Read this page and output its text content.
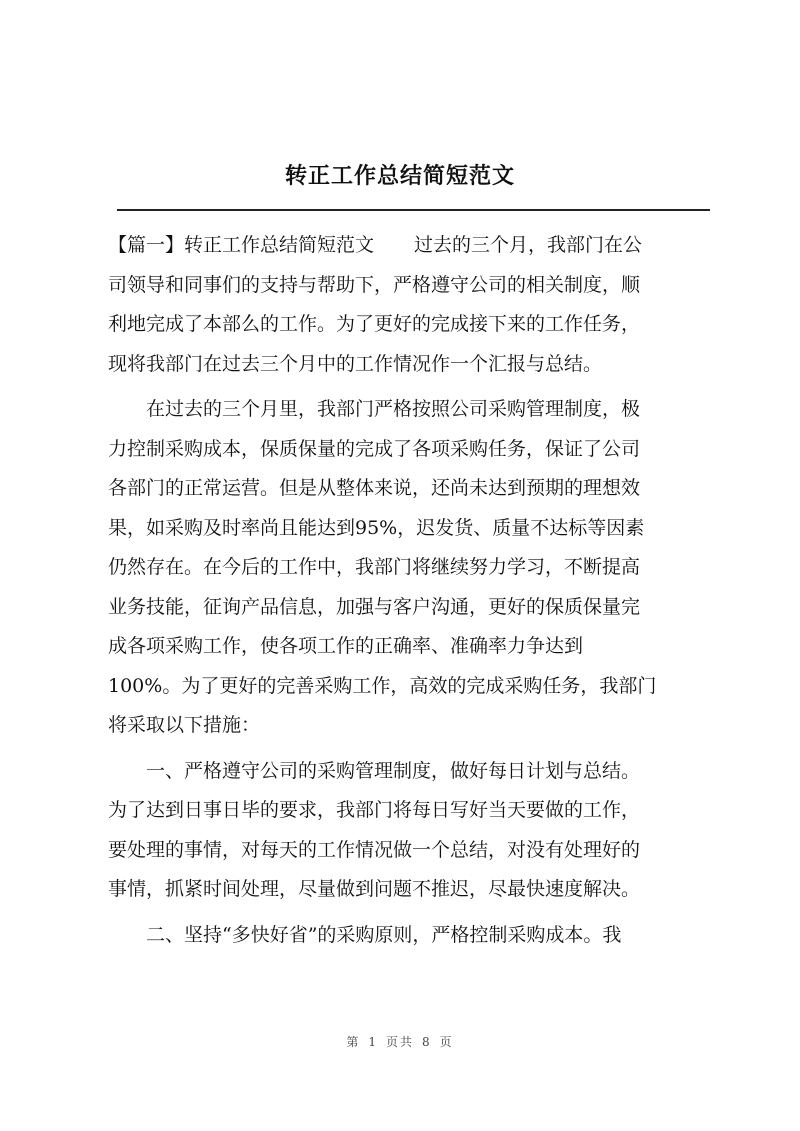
转正工作总结简短范文

【篇一】转正工作总结简短范文 过去的三个月，我部门在公
司领导和同事们的支持与帮助下，严格遵守公司的相关制度，顺
利地完成了本部么的工作。为了更好的完成接下来的工作任务，
现将我部门在过去三个月中的工作情况作一个汇报与总结。

在过去的三个月里，我部门严格按照公司采购管理制度，极
力控制采购成本，保质保量的完成了各项采购任务，保证了公司
各部门的正常运营。但是从整体来说，还尚未达到预期的理想效
果，如采购及时率尚且能达到95%，迟发货、质量不达标等因素
仍然存在。在今后的工作中，我部门将继续努力学习，不断提高
业务技能，征询产品信息，加强与客户沟通，更好的保质保量完
成各项采购工作，使各项工作的正确率、准确率力争达到
100%。为了更好的完善采购工作，高效的完成采购任务，我部门
将采取以下措施：

一、严格遵守公司的采购管理制度，做好每日计划与总结。
为了达到日事日毕的要求，我部门将每日写好当天要做的工作，
要处理的事情，对每天的工作情况做一个总结，对没有处理好的
事情，抓紧时间处理，尽量做到问题不推迟，尽最快速度解决。

二、坚持“多快好省”的采购原则，严格控制采购成本。我

第 1 页共 8 页
